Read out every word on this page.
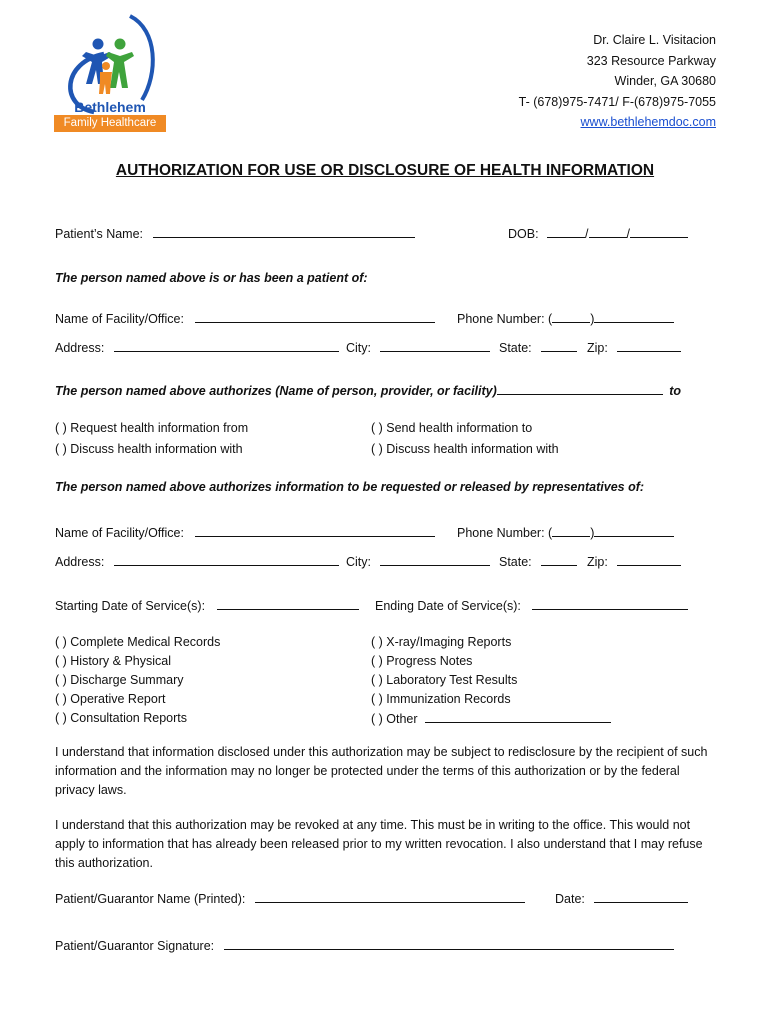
Bethlehem
Family Healthcare
Dr. Claire L. Visitacion
323 Resource Parkway
Winder, GA 30680
T- (678)975-7471/ F-(678)975-7055
www.bethlehemdoc.com
AUTHORIZATION FOR USE OR DISCLOSURE OF HEALTH INFORMATION
Patient’s Name:	DOB:	/	/
The person named above is or has been a patient of:
Name of Facility/Office:	Phone Number: (	)
Address:	City:	State:	Zip:
The person named above authorizes (Name of person, provider, or facility)	to
( ) Request health information from
( ) Discuss health information with
( ) Send health information to
( ) Discuss health information with
The person named above authorizes information to be requested or released by representatives of:
Name of Facility/Office:	Phone Number: (	)
Address:	City:	State:	Zip:
Starting Date of Service(s):	Ending Date of Service(s):
( ) Complete Medical Records
( ) History & Physical
( ) Discharge Summary
( ) Operative Report
( ) Consultation Reports
( ) X-ray/Imaging Reports
( ) Progress Notes
( ) Laboratory Test Results
( ) Immunization Records
( ) Other
I understand that information disclosed under this authorization may be subject to redisclosure by the recipient of such information and the information may no longer be protected under the terms of this authorization or by the federal privacy laws.
I understand that this authorization may be revoked at any time. This must be in writing to the office. This would not apply to information that has already been released prior to my written revocation. I also understand that I may refuse this authorization.
Patient/Guarantor Name (Printed):	Date:
Patient/Guarantor Signature:
